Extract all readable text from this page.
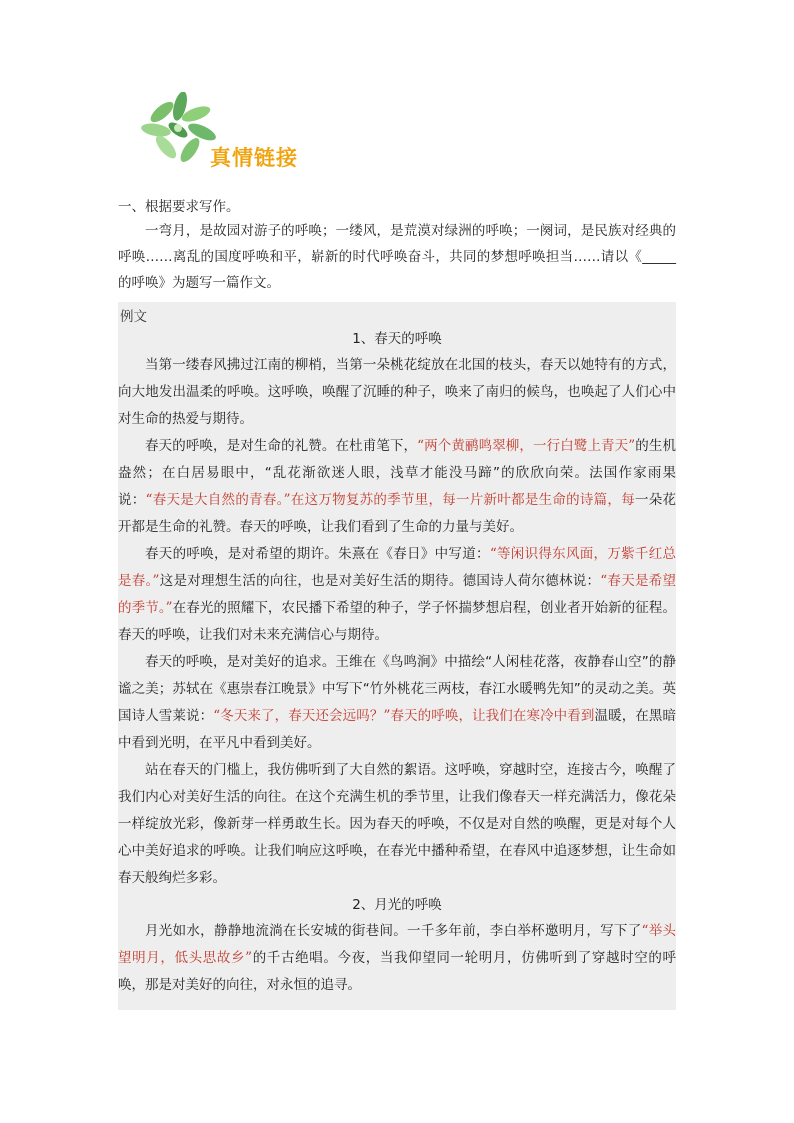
真情链接
一、根据要求写作。
一弯月，是故园对游子的呼唤；一缕风，是荒漠对绿洲的呼唤；一阕词，是民族对经典的呼唤……离乱的国度呼唤和平，崭新的时代呼唤奋斗，共同的梦想呼唤担当……请以《_____的呼唤》为题写一篇作文。
例文
1、春天的呼唤

当第一缕春风拂过江南的柳梢，当第一朵桃花绽放在北国的枝头，春天以她特有的方式，向大地发出温柔的呼唤。这呼唤，唤醒了沉睡的种子，唤来了南归的候鸟，也唤起了人们心中对生命的热爱与期待。

春天的呼唤，是对生命的礼赞。在杜甫笔下，“两个黄鹂鸣翠柳，一行白鹭上青天”的生机盎然；在白居易眼中，“乱花渐欲迷人眼，浅草才能没马蹄”的欣欣向荣。法国作家雨果说：“春天是大自然的青春。”在这万物复苏的季节里，每一片新叶都是生命的诗篇，每一朵花开都是生命的礼赞。春天的呼唤，让我们看到了生命的力量与美好。

春天的呼唤，是对希望的期许。朱熹在《春日》中写道：“等闲识得东风面，万紫千红总是春。”这是对理想生活的向往，也是对美好生活的期待。德国诗人荷尔德林说：“春天是希望的季节。”在春光的照耀下，农民播下希望的种子，学子怀揣梦想启程，创业者开始新的征程。春天的呼唤，让我们对未来充满信心与期待。

春天的呼唤，是对美好的追求。王维在《鸟鸣涧》中描绘“人闲桂花落，夜静春山空”的静谧之美；苏轼在《惠崇春江晚景》中写下“竹外桃花三两枝，春江水暖鸭先知”的灵动之美。英国诗人雪莱说：“冬天来了，春天还会远吗？”春天的呼唤，让我们在寒冷中看到温暖，在黑暗中看到光明，在平凡中看到美好。

站在春天的门槛上，我仿佛听到了大自然的絮语。这呼唤，穿越时空，连接古今，唤醒了我们内心对美好生活的向往。在这个充满生机的季节里，让我们像春天一样充满活力，像花朵一样绽放光彩，像新芽一样勇敢生长。因为春天的呼唤，不仅是对自然的唤醒，更是对每个人心中美好追求的呼唤。让我们响应这呼唤，在春光中播种希望，在春风中追逐梦想，让生命如春天般绚烂多彩。

2、月光的呼唤

月光如水，静静地流淌在长安城的街巷间。一千多年前，李白举杯邀明月，写下了“举头望明月，低头思故乡”的千古绝唱。今夜，当我仰望同一轮明月，仿佛听到了穿越时空的呼唤，那是对美好的向往，对永恒的追寻。
